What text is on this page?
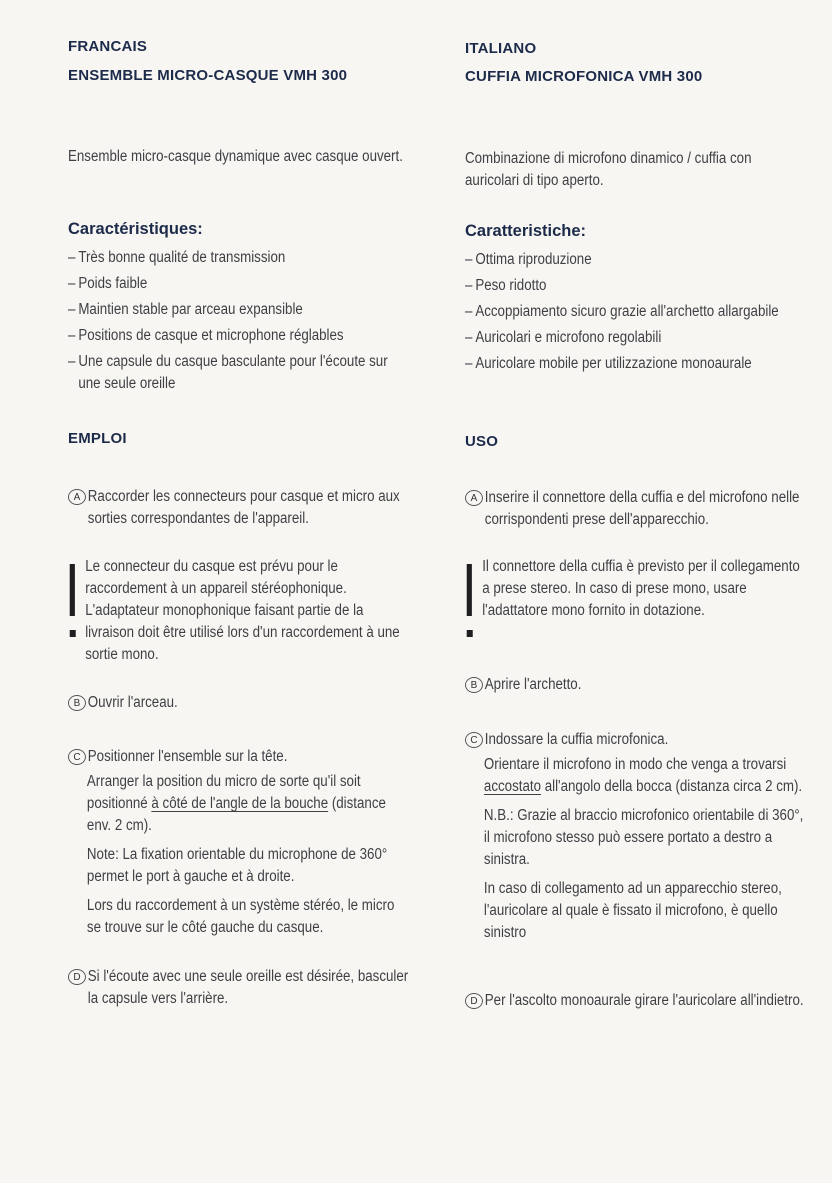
FRANCAIS
ENSEMBLE MICRO-CASQUE VMH 300
Ensemble micro-casque dynamique avec casque ouvert.
Caractéristiques:
– Très bonne qualité de transmission
– Poids faible
– Maintien stable par arceau expansible
– Positions de casque et microphone réglables
– Une capsule du casque basculante pour l'écoute sur une seule oreille
EMPLOI
A Raccorder les connecteurs pour casque et micro aux sorties correspondantes de l'appareil.
Le connecteur du casque est prévu pour le raccordement à un appareil stéréophonique. L'adaptateur monophonique faisant partie de la livraison doit être utilisé lors d'un raccordement à une sortie mono.
B Ouvrir l'arceau.
C Positionner l'ensemble sur la tête.
Arranger la position du micro de sorte qu'il soit positionné à côté de l'angle de la bouche (distance env. 2 cm).
Note: La fixation orientable du microphone de 360° permet le port à gauche et à droite.
Lors du raccordement à un système stéréo, le micro se trouve sur le côté gauche du casque.
D Si l'écoute avec une seule oreille est désirée, basculer la capsule vers l'arrière.
ITALIANO
CUFFIA MICROFONICA VMH 300
Combinazione di microfono dinamico / cuffia con auricolari di tipo aperto.
Caratteristiche:
– Ottima riproduzione
– Peso ridotto
– Accoppiamento sicuro grazie all'archetto allargabile
– Auricolari e microfono regolabili
– Auricolare mobile per utilizzazione monoaurale
USO
A Inserire il connettore della cuffia e del microfono nelle corrispondenti prese dell'apparecchio.
Il connettore della cuffia è previsto per il collegamento a prese stereo. In caso di prese mono, usare l'adattatore mono fornito in dotazione.
B Aprire l'archetto.
C Indossare la cuffia microfonica.
Orientare il microfono in modo che venga a trovarsi accostato all'angolo della bocca (distanza circa 2 cm).
N.B.: Grazie al braccio microfonico orientabile di 360°, il microfono stesso può essere portato a destro a sinistra.
In caso di collegamento ad un apparecchio stereo, l'auricolare al quale è fissato il microfono, è quello sinistro
D Per l'ascolto monoaurale girare l'auricolare all'indietro.
